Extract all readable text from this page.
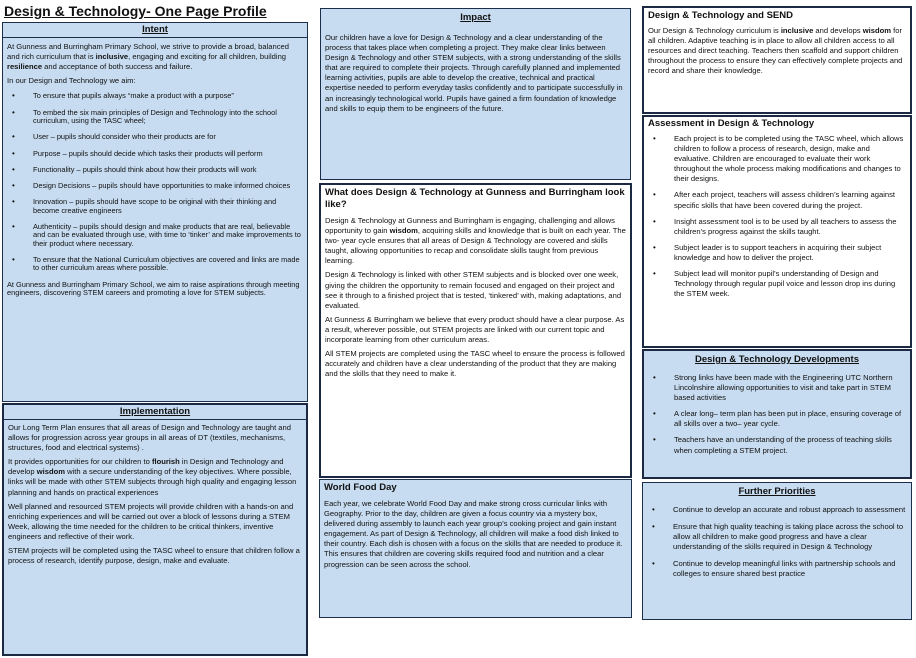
Design & Technology- One Page Profile
Intent

At Gunness and Burringham Primary School, we strive to provide a broad, balanced and rich curriculum that is inclusive, engaging and exciting for all children, building resilience and acceptance of both success and failure.

In our Design and Technology we aim:

• To ensure that pupils always “make a product with a purpose”
• To embed the six main principles of Design and Technology into the school curriculum, using the TASC wheel;
• User – pupils should consider who their products are for
• Purpose – pupils should decide which tasks their products will perform
• Functionality – pupils should think about how their products will work
• Design Decisions – pupils should have opportunities to make informed choices
• Innovation – pupils should have scope to be original with their thinking and become creative engineers
• Authenticity – pupils should design and make products that are real, believable and can be evaluated through use, with time to ‘tinker’ and make improvements to their product where necessary.
• To ensure that the National Curriculum objectives are covered and links are made to other curriculum areas where possible.

At Gunness and Burringham Primary School, we aim to raise aspirations through meeting engineers, discovering STEM careers and promoting a love for STEM subjects.

Implementation

Our Long Term Plan ensures that all areas of Design and Technology are taught and allows for progression across year groups in all areas of DT (textiles, mechanisms, structures, food and electrical systems) .

It provides opportunities for our children to flourish in Design and Technology and develop wisdom with a secure understanding of the key objectives. Where possible, links will be made with other STEM subjects through high quality and engaging lesson planning and hands on practical experiences

Well planned and resourced STEM projects will provide children with a hands-on and enriching experiences and will be carried out over a block of lessons during a STEM Week, allowing the time needed for the children to be critical thinkers, inventive engineers and reflective of their work.

STEM projects will be completed using the TASC wheel to ensure that children follow a process of research, identify purpose, design, make and evaluate.

Impact

Our children have a love for Design & Technology and a clear understanding of the process that takes place when completing a project. They make clear links between Design & Technology and other STEM subjects, with a strong understanding of the skills that are required to complete their projects. Through carefully planned and implemented learning activities, pupils are able to develop the creative, technical and practical expertise needed to perform everyday tasks confidently and to participate successfully in an increasingly technological world. Pupils have gained a firm foundation of knowledge and skills to equip them to be engineers of the future.

What does Design & Technology at Gunness and Burringham look like?

Design & Technology at Gunness and Burringham is engaging, challenging and allows opportunity to gain wisdom, acquiring skills and knowledge that is built on each year. The two- year cycle ensures that all areas of Design & Technology are covered and skills taught, allowing opportunities to recap and consolidate skills taught from previous learning.

Design & Technology is linked with other STEM subjects and is blocked over one week, giving the children the opportunity to remain focused and engaged on their project and see it through to a finished project that is tested, ‘tinkered’ with, making adaptations, and evaluated.

At Gunness & Burringham we believe that every product should have a clear purpose. As a result, wherever possible, out STEM projects are linked with our current topic and incorporate learning from other curriculum areas.

All STEM projects are completed using the TASC wheel to ensure the process is followed accurately and children have a clear understanding of the product that they are making and the skills that they need to make it.

World Food Day

Each year, we celebrate World Food Day and make strong cross curricular links with Geography. Prior to the day, children are given a focus country via a mystery box, delivered during assembly to launch each year group’s cooking project and gain instant engagement. As part of Design & Technology, all children will make a food dish linked to their country. Each dish is chosen with a focus on the skills that are needed to produce it. This ensures that children are covering skills required food and nutrition and a clear progression can be seen across the school.

Design & Technology and SEND

Our Design & Technology curriculum is inclusive and develops wisdom for all children. Adaptive teaching is in place to allow all children access to all resources and direct teaching. Teachers then scaffold and support children throughout the process to ensure they can effectively complete projects and record and share their knowledge.

Assessment in Design & Technology
• Each project is to be completed using the TASC wheel, which allows children to follow a process of research, design, make and evaluative. Children are encouraged to evaluate their work throughout the whole process making modifications and changes to their designs.
• After each project, teachers will assess children’s learning against specific skills that have been covered during the project.
• Insight assessment tool is to be used by all teachers to assess the children’s progress against the skills taught.
• Subject leader is to support teachers in acquiring their subject knowledge and how to deliver the project.
• Subject lead will monitor pupil’s understanding of Design and Technology through regular pupil voice and lesson drop ins during the STEM week.
Design & Technology Developments
• Strong links have been made with the Engineering UTC Northern Lincolnshire allowing opportunities to visit and take part in STEM based activities
• A clear long– term plan has been put in place, ensuring coverage of all skills over a two– year cycle.
• Teachers have an understanding of the process of teaching skills when completing a STEM project.
Further Priorities
• Continue to develop an accurate and robust approach to assessment
• Ensure that high quality teaching is taking place across the school to allow all children to make good progress and have a clear understanding of the skills required in Design & Technology
• Continue to develop meaningful links with partnership schools and colleges to ensure shared best practice
